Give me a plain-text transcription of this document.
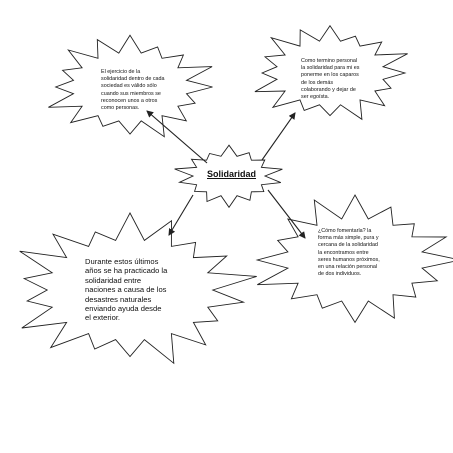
Solidaridad
El ejercicio de la
solidaridad dentro de cada
sociedad es válido sólo
cuando sus miembros se
reconocen unos a otros
como personas.
Como termino personal
la solidaridad para mi es
ponerme en los caparos
de los demás
colaborando y dejar de
ser egoísta.
Durante estos últimos
años se ha practicado la
solidaridad entre
naciones a causa de los
desastres naturales
enviando ayuda desde
el exterior.
¿Cómo fomentarla? la
forma más simple, pura y
cercana de la solidaridad
la encontramos entre
seres humanos próximos,
en una relación personal
de dos individuos.
